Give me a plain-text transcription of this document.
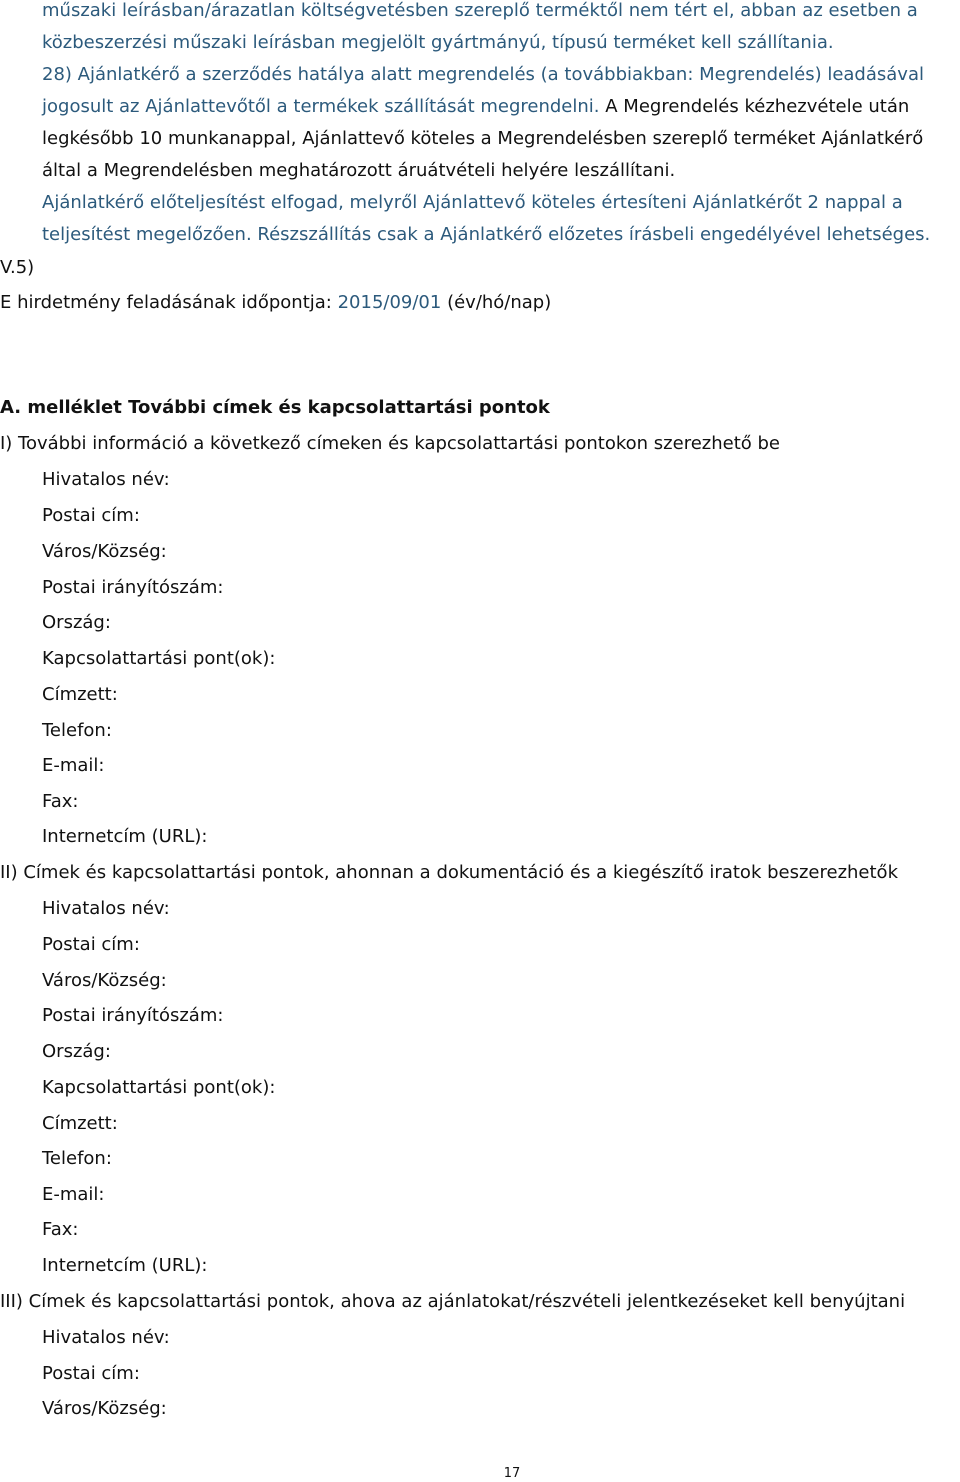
műszaki leírásban/árazatlan költségvetésben szereplő terméktől nem tért el, abban az esetben a
közbeszerzési műszaki leírásban megjelölt gyártmányú, típusú terméket kell szállítania.
28) Ajánlatkérő a szerződés hatálya alatt megrendelés (a továbbiakban: Megrendelés) leadásával
jogosult az Ajánlattevőtől a termékek szállítását megrendelni. A Megrendelés kézhezvétele után
legkésőbb 10 munkanappal, Ajánlattevő köteles a Megrendelésben szereplő terméket Ajánlatkérő
által a Megrendelésben meghatározott áruátvételi helyére leszállítani.
Ajánlatkérő előteljesítést elfogad, melyről Ajánlattevő köteles értesíteni Ajánlatkérőt 2 nappal a
teljesítést megelőzően. Részszállítás csak a Ajánlatkérő előzetes írásbeli engedélyével lehetséges.
V.5)
E hirdetmény feladásának időpontja: 2015/09/01 (év/hó/nap)
A. melléklet További címek és kapcsolattartási pontok
I) További információ a következő címeken és kapcsolattartási pontokon szerezhető be
Hivatalos név:
Postai cím:
Város/Község:
Postai irányítószám:
Ország:
Kapcsolattartási pont(ok):
Címzett:
Telefon:
E-mail:
Fax:
Internetcím (URL):
II) Címek és kapcsolattartási pontok, ahonnan a dokumentáció és a kiegészítő iratok beszerezhetők
Hivatalos név:
Postai cím:
Város/Község:
Postai irányítószám:
Ország:
Kapcsolattartási pont(ok):
Címzett:
Telefon:
E-mail:
Fax:
Internetcím (URL):
III) Címek és kapcsolattartási pontok, ahova az ajánlatokat/részvételi jelentkezéseket kell benyújtani
Hivatalos név:
Postai cím:
Város/Község:
17
